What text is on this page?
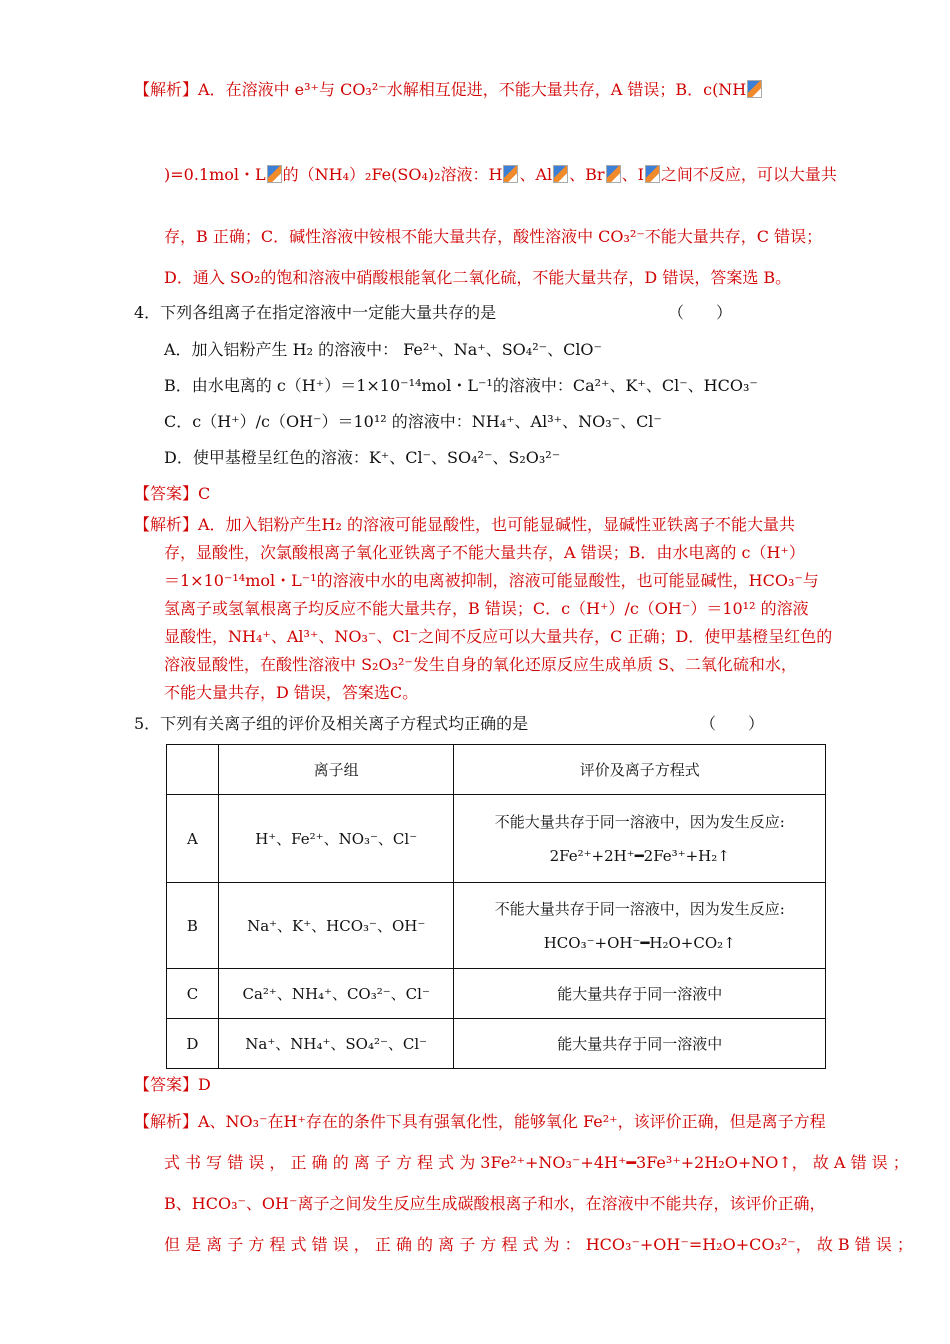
【解析】A．在溶液中 e³⁺与 CO₃²⁻水解相互促进，不能大量共存，A 错误；B．c(NH
)=0.1mol・L 的（NH₄）₂Fe(SO₄)₂溶液：H 、Al 、Br 、I 之间不反应，可以大量共
存，B 正确；C．碱性溶液中铵根不能大量共存，酸性溶液中 CO₃²⁻不能大量共存，C 错误；
D．通入 SO₂的饱和溶液中硝酸根能氧化二氧化硫，不能大量共存，D 错误，答案选 B。
4．下列各组离子在指定溶液中一定能大量共存的是	（　　）
A．加入铝粉产生 H₂ 的溶液中： Fe²⁺、Na⁺、SO₄²⁻、ClO⁻
B．由水电离的 c（H⁺）＝1×10⁻¹⁴mol・L⁻¹的溶液中：Ca²⁺、K⁺、Cl⁻、HCO₃⁻
C．c（H⁺）/c（OH⁻）＝10¹² 的溶液中：NH₄⁺、Al³⁺、NO₃⁻、Cl⁻
D．使甲基橙呈红色的溶液：K⁺、Cl⁻、SO₄²⁻、S₂O₃²⁻
【答案】C
【解析】A．加入铝粉产生H₂ 的溶液可能显酸性，也可能显碱性，显碱性亚铁离子不能大量共
存，显酸性，次氯酸根离子氧化亚铁离子不能大量共存，A 错误；B．由水电离的 c（H⁺）
＝1×10⁻¹⁴mol・L⁻¹的溶液中水的电离被抑制，溶液可能显酸性，也可能显碱性，HCO₃⁻与
氢离子或氢氧根离子均反应不能大量共存，B 错误；C．c（H⁺）/c（OH⁻）＝10¹² 的溶液
显酸性，NH₄⁺、Al³⁺、NO₃⁻、Cl⁻之间不反应可以大量共存，C 正确；D．使甲基橙呈红色的
溶液显酸性，在酸性溶液中 S₂O₃²⁻发生自身的氧化还原反应生成单质 S、二氧化硫和水，
不能大量共存，D 错误，答案选C。
5．下列有关离子组的评价及相关离子方程式均正确的是	（　　）
	离子组	评价及离子方程式
A	H⁺、Fe²⁺、NO₃⁻、Cl⁻	不能大量共存于同一溶液中，因为发生反应:
2Fe²⁺+2H⁺━2Fe³⁺+H₂↑

B	Na⁺、K⁺、HCO₃⁻、OH⁻	不能大量共存于同一溶液中，因为发生反应:
HCO₃⁻+OH⁻━H₂O+CO₂↑

C	Ca²⁺、NH₄⁺、CO₃²⁻、Cl⁻	能大量共存于同一溶液中
D	Na⁺、NH₄⁺、SO₄²⁻、Cl⁻	能大量共存于同一溶液中
【答案】D
【解析】A、NO₃⁻在H⁺存在的条件下具有强氧化性，能够氧化 Fe²⁺，该评价正确，但是离子方程
式 书 写 错 误 ， 正 确 的 离 子 方 程 式 为 3Fe²⁺+NO₃⁻+4H⁺━3Fe³⁺+2H₂O+NO↑， 故 A 错 误 ；
B、HCO₃⁻、OH⁻离子之间发生反应生成碳酸根离子和水，在溶液中不能共存，该评价正确，
但 是 离 子 方 程 式 错 误 ， 正 确 的 离 子 方 程 式 为 ： HCO₃⁻+OH⁻=H₂O+CO₃²⁻， 故 B 错 误 ；
